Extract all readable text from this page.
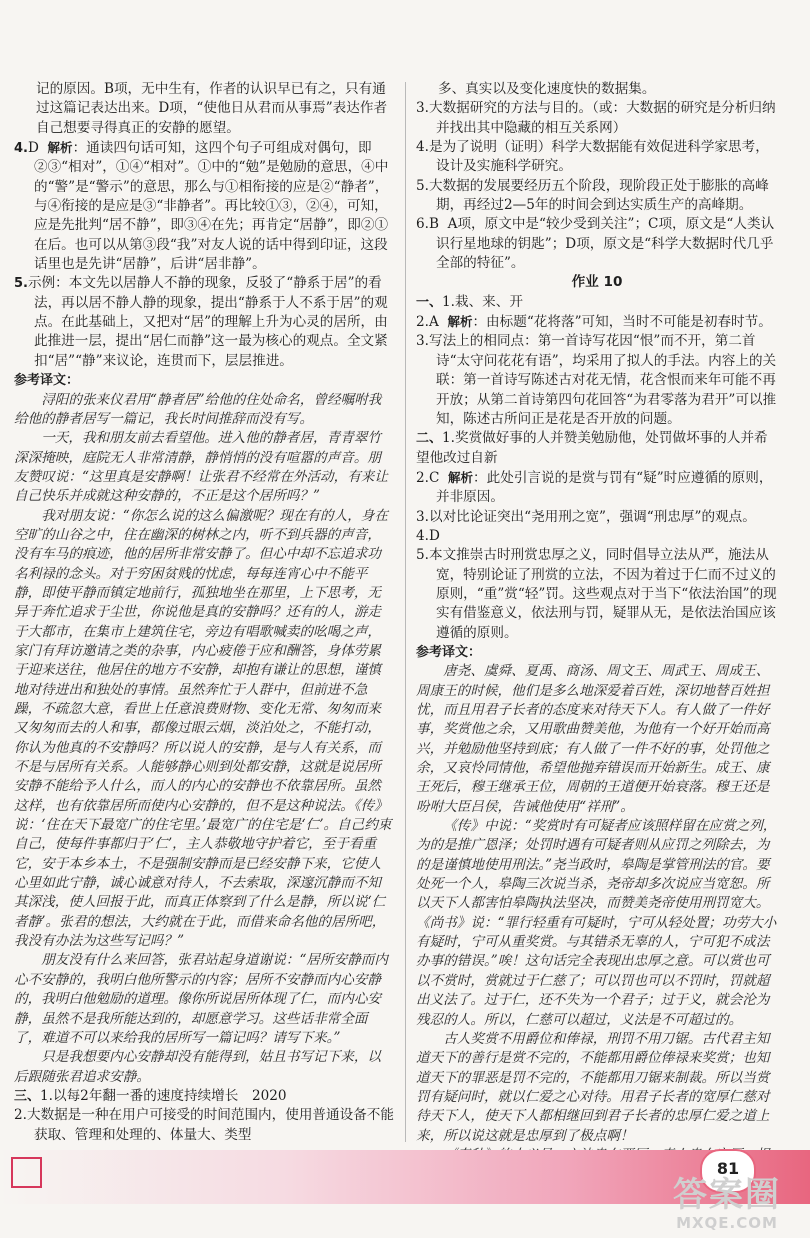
记的原因。B项，无中生有，作者的认识早已有之，只有通过这篇记表达出来。D项，“使他日从君而从事焉”表达作者自己想要寻得真正的安静的愿望。

4.D 解析：通读四句话可知，这四个句子可组成对偶句，即②③“相对”，①④“相对”。①中的“勉”是勉励的意思，④中的“警”是“警示”的意思，那么与①相衔接的应是②“静者”，与④衔接的是应是③“非静者”。再比较①③，②④，可知，应是先批判“居不静”，即③④在先；再肯定“居静”，即②①在后。也可以从第③段“我”对友人说的话中得到印证，这段话里也是先讲“居静”，后讲“居非静”。

5.示例：本文先以居静人不静的现象，反驳了“静系于居”的看法，再以居不静人静的现象，提出“静系于人不系于居”的观点。在此基础上，又把对“居”的理解上升为心灵的居所，由此推进一层，提出“居仁而静”这一最为核心的观点。全文紧扣“居”“静”来议论，连贯而下，层层推进。

参考译文：

浔阳的张来仪君用“静者居”给他的住处命名，曾经嘱咐我给他的静者居写一篇记，我长时间推辞而没有写。

一天，我和朋友前去看望他。进入他的静者居，青青翠竹深深掩映，庭院无人非常清静，静悄悄的没有喧嚣的声音。朋友赞叹说：“这里真是安静啊！让张君不经常在外活动，有来让自己快乐并成就这种安静的，不正是这个居所吗？”

我对朋友说：“你怎么说的这么偏激呢？现在有的人，身在空旷的山谷之中，住在幽深的树林之内，听不到兵器的声音，没有车马的痕迹，他的居所非常安静了。但心中却不忘追求功名利禄的念头。对于穷困贫贱的忧虑，每每连宵心中不能平静，即使平静而镇定地前行，孤独地坐在那里，上下思考，无异于奔忙追求于尘世，你说他是真的安静吗？还有的人，游走于大都市，在集市上建筑住宅，旁边有唱歌喊卖的吆喝之声，家门有拜访邀请之类的杂事，内心疲倦于应和酬答，身体劳累于迎来送往，他居住的地方不安静，却抱有谦让的思想，谨慎地对待进出和独处的事情。虽然奔忙于人群中，但前进不急躁，不疏忽大意，看世上任意浪费财物、变化无常、匆匆而来又匆匆而去的人和事，都像过眼云烟，淡泊处之，不能打动，你认为他真的不安静吗？所以说人的安静，是与人有关系，而不是与居所有关系。人能够静心则到处都安静，这就是说居所安静不能给予人什么，而人的内心的安静也不依靠居所。虽然这样，也有依靠居所而使内心安静的，但不是这种说法。《传》说：‘住在天下最宽广的住宅里。’最宽广的住宅是‘仁’。自己约束自己，使每件事都归于‘仁’，主人恭敬地守护着它，至于看重它，安于本乡本土，不是强制安静而是已经安静下来，它使人心里如此宁静，诚心诚意对待人，不去索取，深邃沉静而不知其深浅，使人回报于此，而真正体察到了什么是静，所以说‘仁者静’。张君的想法，大约就在于此，而借来命名他的居所吧，我没有办法为这些写记吗？”

朋友没有什么来回答，张君站起身道谢说：“居所安静而内心不安静的，我明白他所警示的内容；居所不安静而内心安静的，我明白他勉励的道理。像你所说居所体现了仁，而内心安静，虽然不是我所能达到的，却愿意学习。这些话非常全面了，难道不可以来给我的居所写一篇记吗？请写下来。”

只是我想要内心安静却没有能得到，姑且书写记下来，以后跟随张君追求安静。

三、1.以每2年翻一番的速度持续增长　2020

2.大数据是一种在用户可接受的时间范围内，使用普通设备不能获取、管理和处理的、体量大、类型

多、真实以及变化速度快的数据集。

3.大数据研究的方法与目的。（或：大数据的研究是分析归纳并找出其中隐藏的相互关系网）

4.是为了说明（证明）科学大数据能有效促进科学家思考，设计及实施科学研究。

5.大数据的发展要经历五个阶段，现阶段正处于膨胀的高峰期，再经过2—5年的时间会到达实质生产的高峰期。

6.B A项，原文中是“较少受到关注”；C项，原文是“人类认识行星地球的钥匙”；D项，原文是“科学大数据时代几乎全部的特征”。

作业 10

一、1.栽、来、开

2.A 解析：由标题“花将落”可知，当时不可能是初春时节。

3.写法上的相同点：第一首诗写花因“恨”而不开，第二首诗“太守问花花有语”，均采用了拟人的手法。内容上的关联：第一首诗写陈述古对花无情，花含恨而来年可能不再开放；从第二首诗第四句花回答“为君零落为君开”可以推知，陈述古所问正是花是否开放的问题。

二、1.奖赏做好事的人并赞美勉励他，处罚做坏事的人并希望他改过自新

2.C 解析：此处引言说的是赏与罚有“疑”时应遵循的原则，并非原因。

3.以对比论证突出“尧用刑之宽”，强调“刑忠厚”的观点。

4.D

5.本文推崇古时刑赏忠厚之义，同时倡导立法从严，施法从宽，特别论证了刑赏的立法，不因为着过于仁而不过义的原则，“重”赏“轻”罚。这些观点对于当下“依法治国”的现实有借鉴意义，依法刑与罚，疑罪从无，是依法治国应该遵循的原则。

参考译文：

唐尧、虞舜、夏禹、商汤、周文王、周武王、周成王、周康王的时候，他们是多么地深爱着百姓，深切地替百姓担忧，而且用君子长者的态度来对待天下人。有人做了一件好事，奖赏他之余，又用歌曲赞美他，为他有一个好开始而高兴，并勉励他坚持到底；有人做了一件不好的事，处罚他之余，又哀怜同情他，希望他抛弃错误而开始新生。成王、康王死后，穆王继承王位，周朝的王道便开始衰落。穆王还是吩咐大臣吕侯，告诫他使用“祥刑”。

《传》中说：“奖赏时有可疑者应该照样留在应赏之列，为的是推广恩泽；处罚时遇有可疑者则从应罚之列除去，为的是谨慎地使用刑法。”尧当政时，皋陶是掌管刑法的官。要处死一个人，皋陶三次说当杀，尧帝却多次说应当宽恕。所以天下人都害怕皋陶执法坚决，而赞美尧帝使用刑罚宽大。《尚书》说：“罪行轻重有可疑时，宁可从轻处置；功劳大小有疑时，宁可从重奖赏。与其错杀无辜的人，宁可犯不成法办事的错误。”唉！这句话完全表现出忠厚之意。可以赏也可以不赏时，赏就过于仁慈了；可以罚也可以不罚时，罚就超出义法了。过于仁，还不失为一个君子；过于义，就会沦为残忍的人。所以，仁慈可以超过，义法是不可超过的。

古人奖赏不用爵位和俸禄，刑罚不用刀锯。古代君主知道天下的善行是赏不完的，不能都用爵位俸禄来奖赏；也知道天下的罪恶是罚不完的，不能都用刀锯来制裁。所以当赏罚有疑问时，就以仁爱之心对待。用君子长者的宽厚仁慈对待天下人，使天下人都相继回到君子长者的忠厚仁爱之道上来，所以说这就是忠厚到了极点啊！

81
答案圈
MXQE.COM
